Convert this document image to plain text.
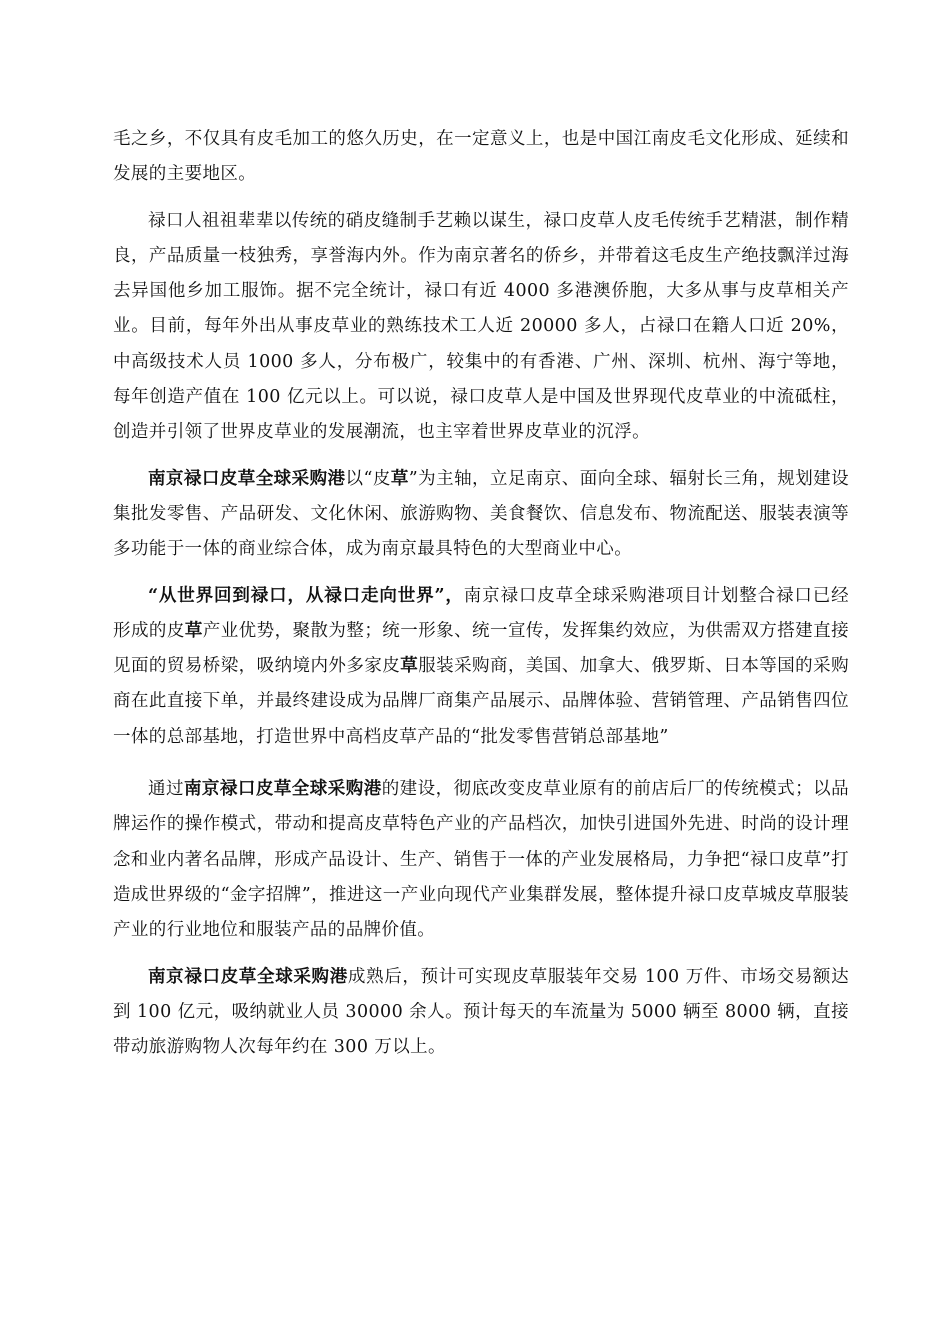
毛之乡，不仅具有皮毛加工的悠久历史，在一定意义上，也是中国江南皮毛文化形成、延续和发展的主要地区。

禄口人祖祖辈辈以传统的硝皮缝制手艺赖以谋生，禄口皮草人皮毛传统手艺精湛，制作精良，产品质量一枝独秀，享誉海内外。作为南京著名的侨乡，并带着这毛皮生产绝技飘洋过海去异国他乡加工服饰。据不完全统计，禄口有近 4000 多港澳侨胞，大多从事与皮草相关产业。目前，每年外出从事皮草业的熟练技术工人近 20000 多人，占禄口在籍人口近 20%，中高级技术人员 1000 多人，分布极广，较集中的有香港、广州、深圳、杭州、海宁等地，每年创造产值在 100 亿元以上。可以说，禄口皮草人是中国及世界现代皮草业的中流砥柱，创造并引领了世界皮草业的发展潮流，也主宰着世界皮草业的沉浮。

南京禄口皮草全球采购港以“皮草”为主轴，立足南京、面向全球、辐射长三角，规划建设集批发零售、产品研发、文化休闲、旅游购物、美食餐饮、信息发布、物流配送、服装表演等多功能于一体的商业综合体，成为南京最具特色的大型商业中心。

“从世界回到禄口，从禄口走向世界”，南京禄口皮草全球采购港项目计划整合禄口已经形成的皮草产业优势，聚散为整；统一形象、统一宣传，发挥集约效应，为供需双方搭建直接见面的贸易桥梁，吸纳境内外多家皮草服装采购商，美国、加拿大、俄罗斯、日本等国的采购商在此直接下单，并最终建设成为品牌厂商集产品展示、品牌体验、营销管理、产品销售四位一体的总部基地，打造世界中高档皮草产品的“批发零售营销总部基地”

通过南京禄口皮草全球采购港的建设，彻底改变皮草业原有的前店后厂的传统模式；以品牌运作的操作模式，带动和提高皮草特色产业的产品档次，加快引进国外先进、时尚的设计理念和业内著名品牌，形成产品设计、生产、销售于一体的产业发展格局，力争把“禄口皮草”打造成世界级的“金字招牌”，推进这一产业向现代产业集群发展，整体提升禄口皮草城皮草服装产业的行业地位和服装产品的品牌价值。

南京禄口皮草全球采购港成熟后，预计可实现皮草服装年交易 100 万件、市场交易额达到 100 亿元，吸纳就业人员 30000 余人。预计每天的车流量为 5000 辆至 8000 辆，直接带动旅游购物人次每年约在 300 万以上。
